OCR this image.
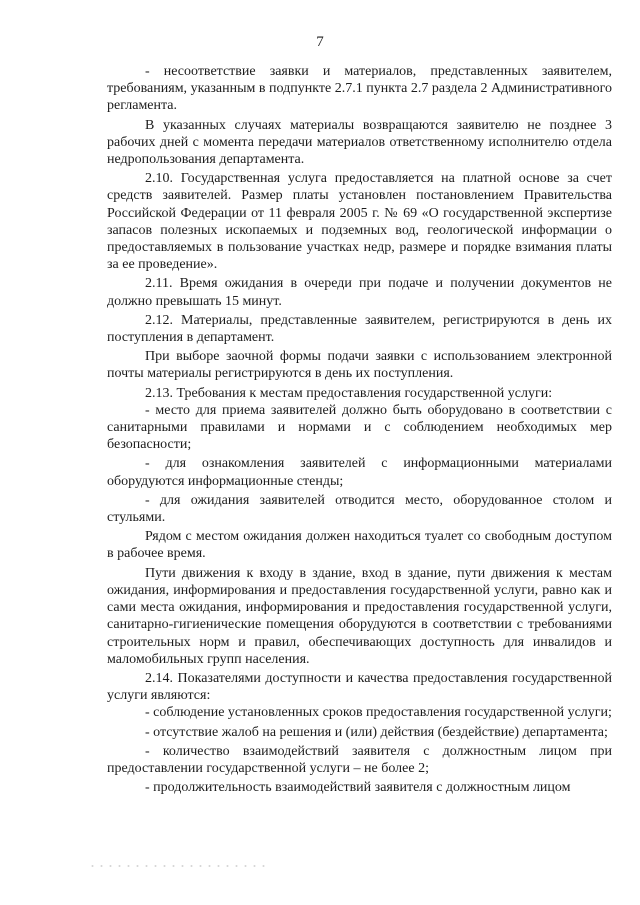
7

- несоответствие заявки и материалов, представленных заявителем, требованиям, указанным в подпункте 2.7.1 пункта 2.7 раздела 2 Административного регламента.

В указанных случаях материалы возвращаются заявителю не позднее 3 рабочих дней с момента передачи материалов ответственному исполнителю отдела недропользования департамента.

2.10. Государственная услуга предоставляется на платной основе за счет средств заявителей. Размер платы установлен постановлением Правительства Российской Федерации от 11 февраля 2005 г. № 69 «О государственной экспертизе запасов полезных ископаемых и подземных вод, геологической информации о предоставляемых в пользование участках недр, размере и порядке взимания платы за ее проведение».

2.11. Время ожидания в очереди при подаче и получении документов не должно превышать 15 минут.

2.12. Материалы, представленные заявителем, регистрируются в день их поступления в департамент.

При выборе заочной формы подачи заявки с использованием электронной почты материалы регистрируются в день их поступления.

2.13. Требования к местам предоставления государственной услуги:

- место для приема заявителей должно быть оборудовано в соответствии с санитарными правилами и нормами и с соблюдением необходимых мер безопасности;

- для ознакомления заявителей с информационными материалами оборудуются информационные стенды;

- для ожидания заявителей отводится место, оборудованное столом и стульями.

Рядом с местом ожидания должен находиться туалет со свободным доступом в рабочее время.

Пути движения к входу в здание, вход в здание, пути движения к местам ожидания, информирования и предоставления государственной услуги, равно как и сами места ожидания, информирования и предоставления государственной услуги, санитарно-гигиенические помещения оборудуются в соответствии с требованиями строительных норм и правил, обеспечивающих доступность для инвалидов и маломобильных групп населения.

2.14. Показателями доступности и качества предоставления государственной услуги являются:

- соблюдение установленных сроков предоставления государственной услуги;

- отсутствие жалоб на решения и (или) действия (бездействие) департамента;

- количество взаимодействий заявителя с должностным лицом при предоставлении государственной услуги – не более 2;

- продолжительность взаимодействий заявителя с должностным лицом
